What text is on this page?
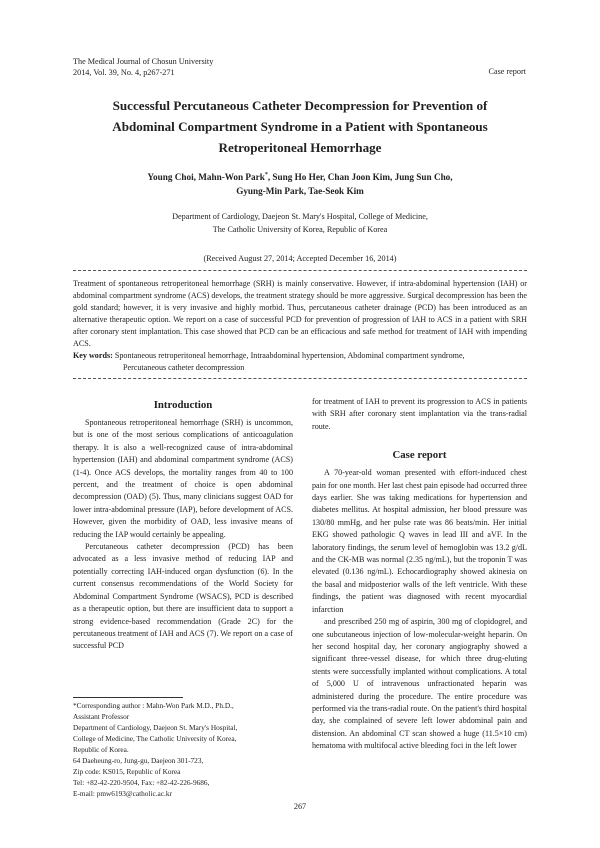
The Medical Journal of Chosun University
2014, Vol. 39, No. 4, p267-271	Case report
Successful Percutaneous Catheter Decompression for Prevention of
Abdominal Compartment Syndrome in a Patient with Spontaneous
Retroperitoneal Hemorrhage
Young Choi, Mahn-Won Park*, Sung Ho Her, Chan Joon Kim, Jung Sun Cho,
Gyung-Min Park, Tae-Seok Kim
Department of Cardiology, Daejeon St. Mary's Hospital, College of Medicine,
The Catholic University of Korea, Republic of Korea
(Received August 27, 2014; Accepted December 16, 2014)
Treatment of spontaneous retroperitoneal hemorrhage (SRH) is mainly conservative. However, if intra-abdominal hypertension (IAH) or abdominal compartment syndrome (ACS) develops, the treatment strategy should be more aggressive. Surgical decompression has been the gold standard; however, it is very invasive and highly morbid. Thus, percutaneous catheter drainage (PCD) has been introduced as an alternative therapeutic option. We report on a case of successful PCD for prevention of progression of IAH to ACS in a patient with SRH after coronary stent implantation. This case showed that PCD can be an efficacious and safe method for treatment of IAH with impending ACS.
Key words: Spontaneous retroperitoneal hemorrhage, Intraabdominal hypertension, Abdominal compartment syndrome,
Percutaneous catheter decompression
Introduction

Spontaneous retroperitoneal hemorrhage (SRH) is uncommon, but is one of the most serious complications of anticoagulation therapy. It is also a well-recognized cause of intra-abdominal hypertension (IAH) and abdominal compartment syndrome (ACS) (1-4). Once ACS develops, the mortality ranges from 40 to 100 percent, and the treatment of choice is open abdominal decompression (OAD) (5). Thus, many clinicians suggest OAD for lower intra-abdominal pressure (IAP), before development of ACS. However, given the morbidity of OAD, less invasive means of reducing the IAP would certainly be appealing.

Percutaneous catheter decompression (PCD) has been advocated as a less invasive method of reducing IAP and potentially correcting IAH-induced organ dysfunction (6). In the current consensus recommendations of the World Society for Abdominal Compartment Syndrome (WSACS), PCD is described as a therapeutic option, but there are insufficient data to support a strong evidence-based recommendation (Grade 2C) for the percutaneous treatment of IAH and ACS (7). We report on a case of successful PCD

for treatment of IAH to prevent its progression to ACS in patients with SRH after coronary stent implantation via the trans-radial route.

Case report

A 70-year-old woman presented with effort-induced chest pain for one month. Her last chest pain episode had occurred three days earlier. She was taking medications for hypertension and diabetes mellitus. At hospital admission, her blood pressure was 130/80 mmHg, and her pulse rate was 86 beats/min. Her initial EKG showed pathologic Q waves in lead III and aVF. In the laboratory findings, the serum level of hemoglobin was 13.2 g/dL and the CK-MB was normal (2.35 ng/mL), but the troponin T was elevated (0.136 ng/mL). Echocardiography showed akinesia on the basal and midposterior walls of the left ventricle. With these findings, the patient was diagnosed with recent myocardial infarction

and prescribed 250 mg of aspirin, 300 mg of clopidogrel, and one subcutaneous injection of low-molecular-weight heparin. On her second hospital day, her coronary angiography showed a significant three-vessel disease, for which three drug-eluting stents were successfully implanted without complications. A total of 5,000 U of intravenous unfractionated heparin was administered during the procedure. The entire procedure was performed via the trans-radial route. On the patient's third hospital day, she complained of severe left lower abdominal pain and distension. An abdominal CT scan showed a huge (11.5×10 cm) hematoma with multifocal active bleeding foci in the left lower

*Corresponding author : Mahn-Won Park M.D., Ph.D.,
Assistant Professor
Department of Cardiology, Daejeon St. Mary's Hospital,
College of Medicine, The Catholic University of Korea,
Republic of Korea.
64 Daeheung-ro, Jung-gu, Daejeon 301-723,
Zip code: KS015, Republic of Korea
Tel: +82-42-220-9504, Fax: +82-42-226-9686,
E-mail: pmw6193@catholic.ac.kr
267
